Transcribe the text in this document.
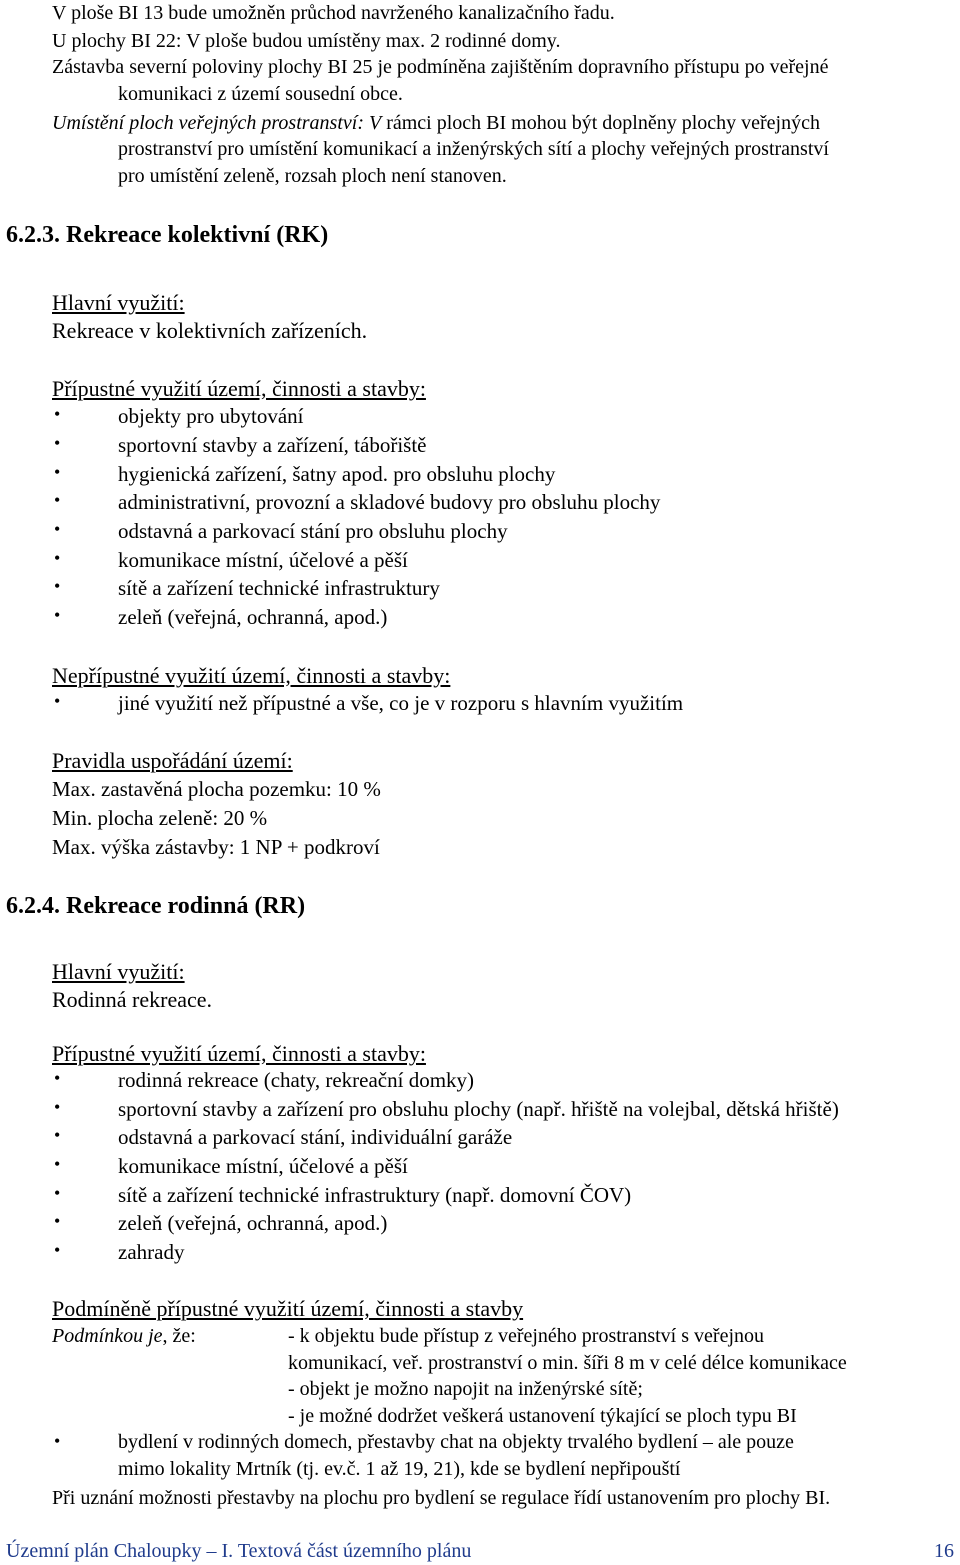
V ploše BI 13 bude umožněn průchod navrženého kanalizačního řadu.
U plochy BI 22: V ploše budou umístěny max. 2 rodinné domy.
Zástavba severní poloviny plochy BI 25 je podmíněna zajištěním dopravního přístupu po veřejné
komunikaci z území sousední obce.
Umístění ploch veřejných prostranství: V rámci ploch BI mohou být doplněny plochy veřejných
prostranství pro umístění komunikací a inženýrských sítí a plochy veřejných prostranství
pro umístění zeleně, rozsah ploch není stanoven.
6.2.3. Rekreace kolektivní (RK)
Hlavní využití:
Rekreace v kolektivních zařízeních.
Přípustné využití území, činnosti a stavby:
•	objekty pro ubytování
•	sportovní stavby a zařízení, tábořiště
•	hygienická zařízení, šatny apod. pro obsluhu plochy
•	administrativní, provozní a skladové budovy pro obsluhu plochy
•	odstavná a parkovací stání pro obsluhu plochy
•	komunikace místní, účelové a pěší
•	sítě a zařízení technické infrastruktury
•	zeleň (veřejná, ochranná, apod.)
Nepřípustné využití území, činnosti a stavby:
•	jiné využití než přípustné a vše, co je v rozporu s hlavním využitím
Pravidla uspořádání území:
Max. zastavěná plocha pozemku: 10 %
Min. plocha zeleně: 20 %
Max. výška zástavby: 1 NP + podkroví
6.2.4. Rekreace rodinná (RR)
Hlavní využití:
Rodinná rekreace.
Přípustné využití území, činnosti a stavby:
•	rodinná rekreace (chaty, rekreační domky)
•	sportovní stavby a zařízení pro obsluhu plochy (např. hřiště na volejbal, dětská hřiště)
•	odstavná a parkovací stání, individuální garáže
•	komunikace místní, účelové a pěší
•	sítě a zařízení technické infrastruktury (např. domovní ČOV)
•	zeleň (veřejná, ochranná, apod.)
•	zahrady
Podmíněně přípustné využití území, činnosti a stavby
Podmínkou je, že:	- k objektu bude přístup z veřejného prostranství s veřejnou
komunikací, veř. prostranství o min. šíři 8 m v celé délce komunikace
- objekt je možno napojit na inženýrské sítě;
- je možné dodržet veškerá ustanovení týkající se ploch typu BI
•	bydlení v rodinných domech, přestavby chat na objekty trvalého bydlení – ale pouze
mimo lokality Mrtník (tj. ev.č. 1 až 19, 21), kde se bydlení nepřipouští
Při uznání možnosti přestavby na plochu pro bydlení se regulace řídí ustanovením pro plochy BI.
Územní plán Chaloupky – I. Textová část územního plánu	16
